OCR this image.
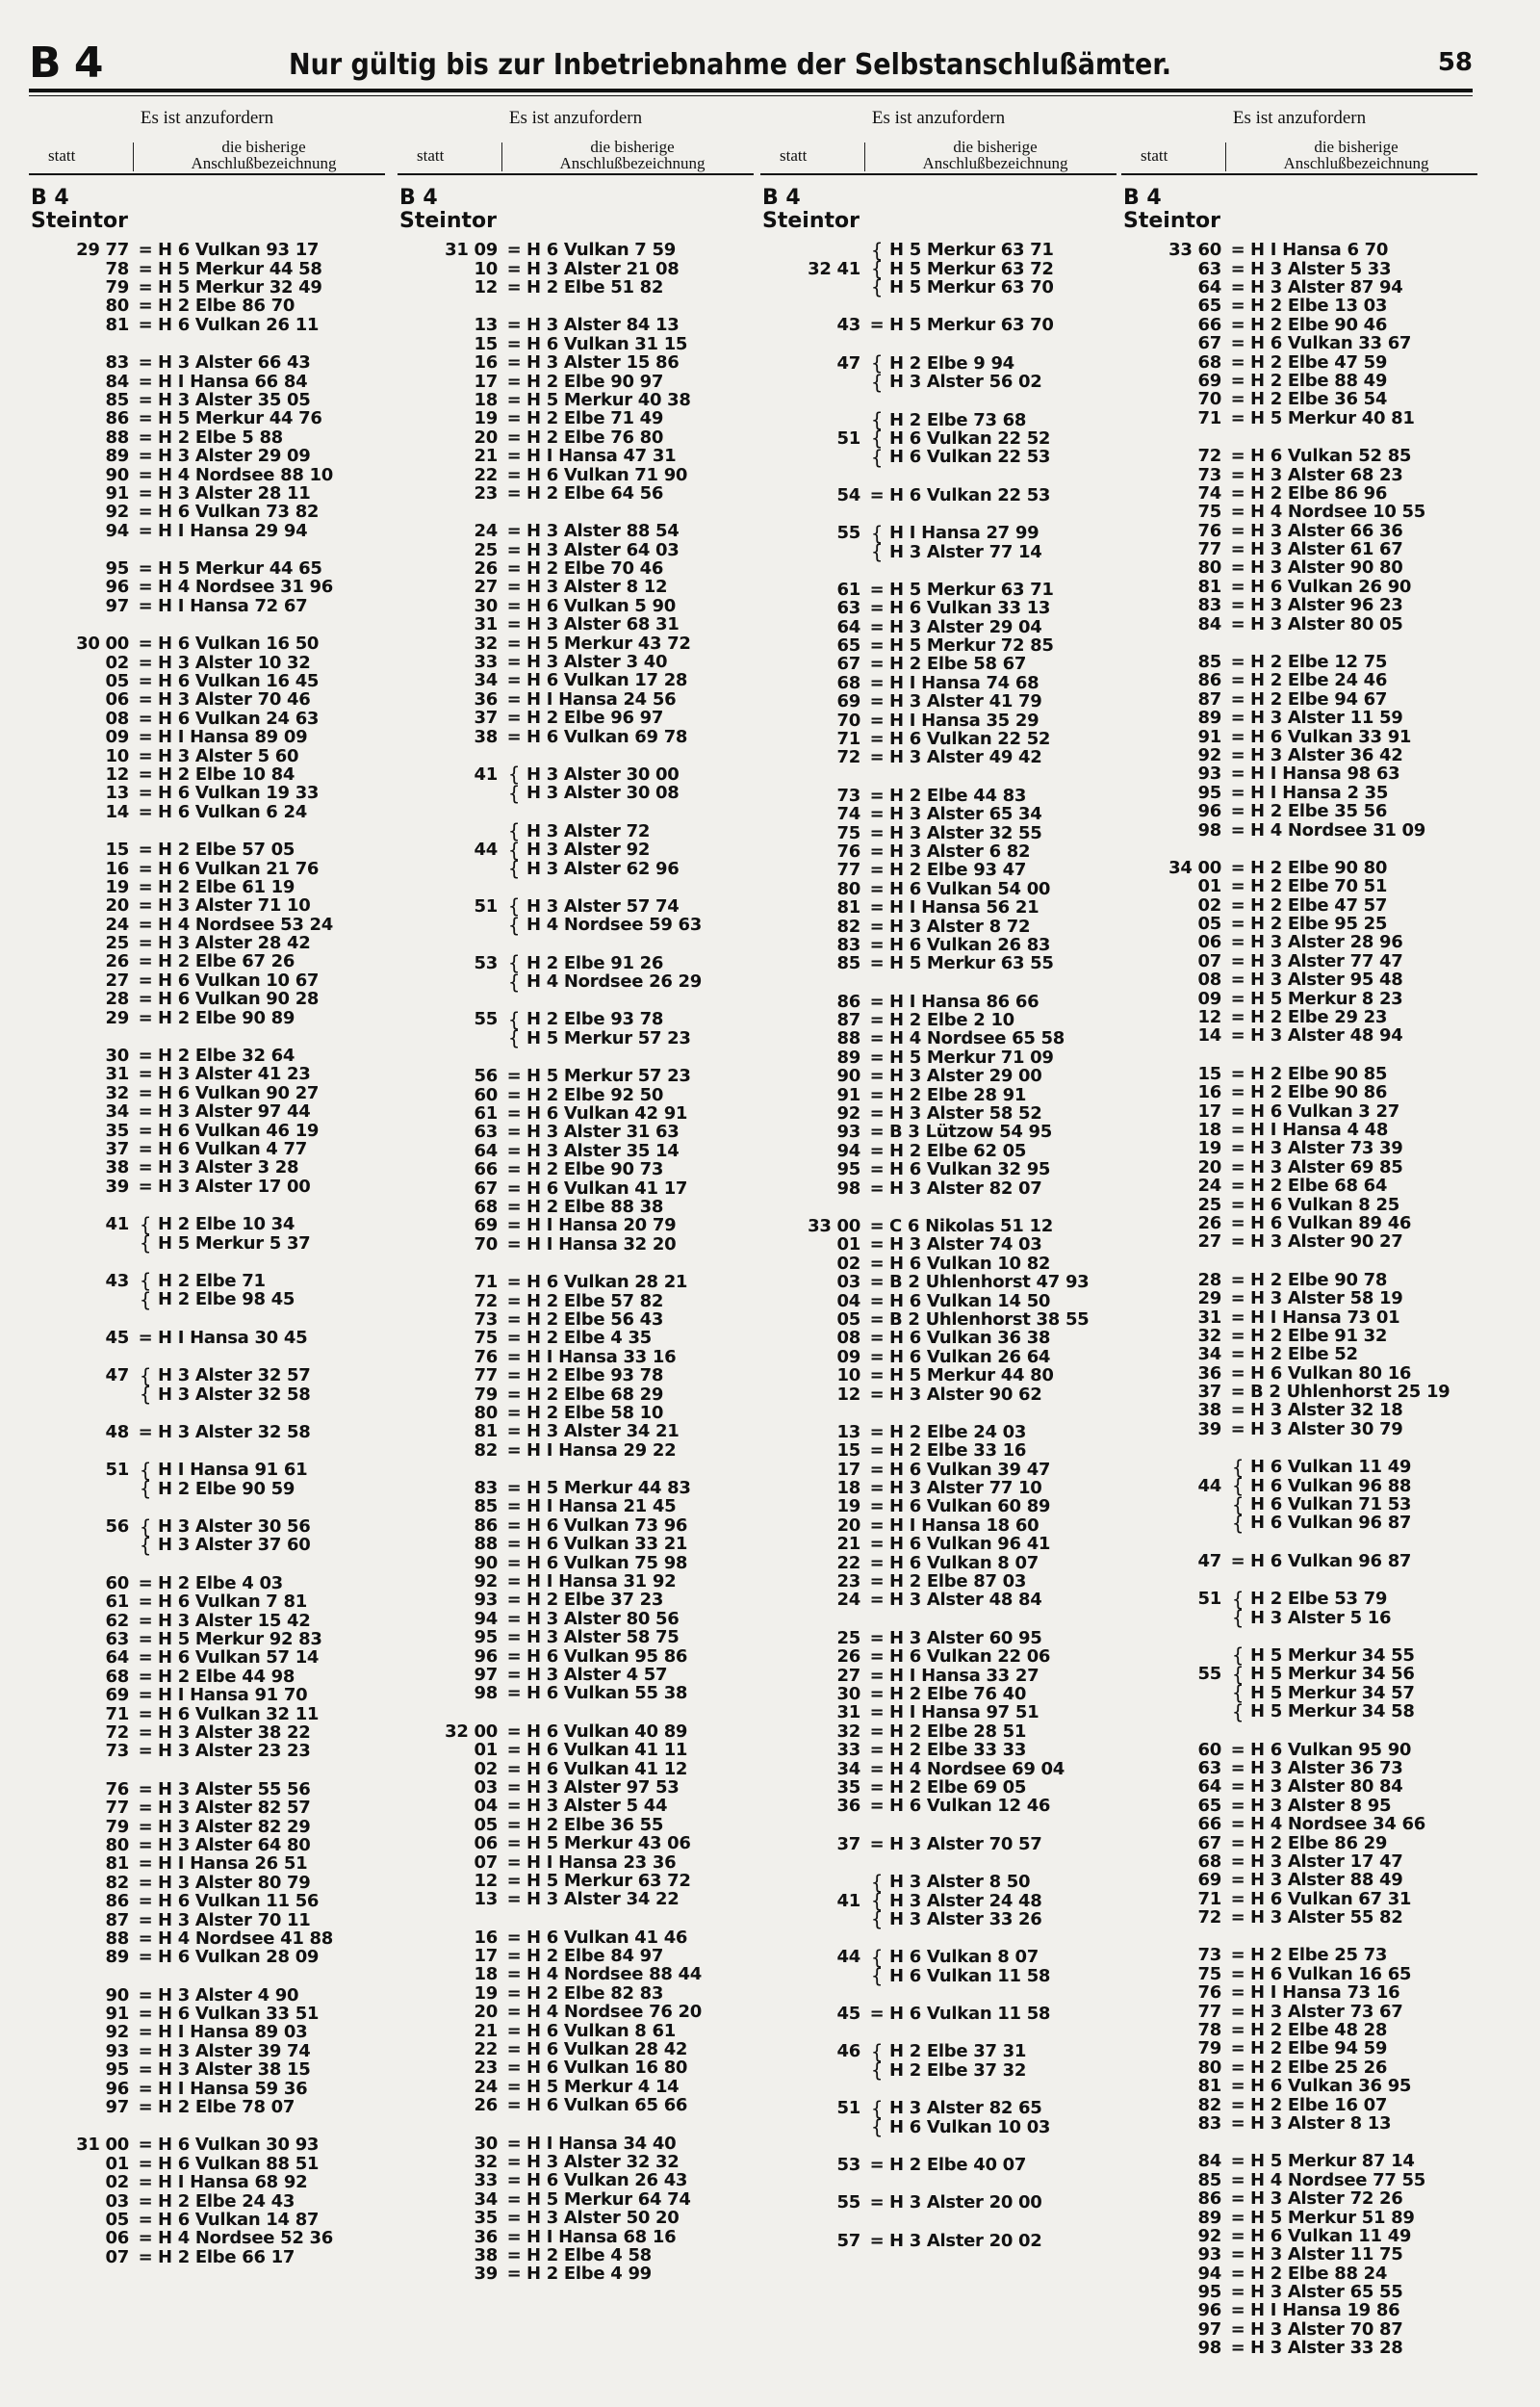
B 4	Nur gültig bis zur Inbetriebnahme der Selbstanschlußämter.	58
Es ist anzufordern
statt	die bisherige
Anschlußbezeichnung
B 4
Steintor
29 77 = H 6 Vulkan 93 17
78 = H 5 Merkur 44 58
79 = H 5 Merkur 32 49
80 = H 2 Elbe 86 70
81 = H 6 Vulkan 26 11
83 = H 3 Alster 66 43
84 = H I Hansa 66 84
85 = H 3 Alster 35 05
86 = H 5 Merkur 44 76
88 = H 2 Elbe 5 88
89 = H 3 Alster 29 09
90 = H 4 Nordsee 88 10
91 = H 3 Alster 28 11
92 = H 6 Vulkan 73 82
94 = H I Hansa 29 94
95 = H 5 Merkur 44 65
96 = H 4 Nordsee 31 96
97 = H I Hansa 72 67
30 00 = H 6 Vulkan 16 50
02 = H 3 Alster 10 32
05 = H 6 Vulkan 16 45
06 = H 3 Alster 70 46
08 = H 6 Vulkan 24 63
09 = H I Hansa 89 09
10 = H 3 Alster 5 60
12 = H 2 Elbe 10 84
13 = H 6 Vulkan 19 33
14 = H 6 Vulkan 6 24
15 = H 2 Elbe 57 05
16 = H 6 Vulkan 21 76
19 = H 2 Elbe 61 19
20 = H 3 Alster 71 10
24 = H 4 Nordsee 53 24
25 = H 3 Alster 28 42
26 = H 2 Elbe 67 26
27 = H 6 Vulkan 10 67
28 = H 6 Vulkan 90 28
29 = H 2 Elbe 90 89
30 = H 2 Elbe 32 64
31 = H 3 Alster 41 23
32 = H 6 Vulkan 90 27
34 = H 3 Alster 97 44
35 = H 6 Vulkan 46 19
37 = H 6 Vulkan 4 77
38 = H 3 Alster 3 28
39 = H 3 Alster 17 00
41 { H 2 Elbe 10 34
{ H 5 Merkur 5 37
43 { H 2 Elbe 71
{ H 2 Elbe 98 45
45 = H I Hansa 30 45
47 { H 3 Alster 32 57
{ H 3 Alster 32 58
48 = H 3 Alster 32 58
51 { H I Hansa 91 61
{ H 2 Elbe 90 59
56 { H 3 Alster 30 56
{ H 3 Alster 37 60
60 = H 2 Elbe 4 03
61 = H 6 Vulkan 7 81
62 = H 3 Alster 15 42
63 = H 5 Merkur 92 83
64 = H 6 Vulkan 57 14
68 = H 2 Elbe 44 98
69 = H I Hansa 91 70
71 = H 6 Vulkan 32 11
72 = H 3 Alster 38 22
73 = H 3 Alster 23 23
76 = H 3 Alster 55 56
77 = H 3 Alster 82 57
79 = H 3 Alster 82 29
80 = H 3 Alster 64 80
81 = H I Hansa 26 51
82 = H 3 Alster 80 79
86 = H 6 Vulkan 11 56
87 = H 3 Alster 70 11
88 = H 4 Nordsee 41 88
89 = H 6 Vulkan 28 09
90 = H 3 Alster 4 90
91 = H 6 Vulkan 33 51
92 = H I Hansa 89 03
93 = H 3 Alster 39 74
95 = H 3 Alster 38 15
96 = H I Hansa 59 36
97 = H 2 Elbe 78 07
31 00 = H 6 Vulkan 30 93
01 = H 6 Vulkan 88 51
02 = H I Hansa 68 92
03 = H 2 Elbe 24 43
05 = H 6 Vulkan 14 87
06 = H 4 Nordsee 52 36
07 = H 2 Elbe 66 17
Es ist anzufordern
statt	die bisherige
Anschlußbezeichnung
B 4
Steintor
31 09 = H 6 Vulkan 7 59
10 = H 3 Alster 21 08
12 = H 2 Elbe 51 82
13 = H 3 Alster 84 13
15 = H 6 Vulkan 31 15
16 = H 3 Alster 15 86
17 = H 2 Elbe 90 97
18 = H 5 Merkur 40 38
19 = H 2 Elbe 71 49
20 = H 2 Elbe 76 80
21 = H I Hansa 47 31
22 = H 6 Vulkan 71 90
23 = H 2 Elbe 64 56
24 = H 3 Alster 88 54
25 = H 3 Alster 64 03
26 = H 2 Elbe 70 46
27 = H 3 Alster 8 12
30 = H 6 Vulkan 5 90
31 = H 3 Alster 68 31
32 = H 5 Merkur 43 72
33 = H 3 Alster 3 40
34 = H 6 Vulkan 17 28
36 = H I Hansa 24 56
37 = H 2 Elbe 96 97
38 = H 6 Vulkan 69 78
41 { H 3 Alster 30 00
{ H 3 Alster 30 08
{ H 3 Alster 72
44 { H 3 Alster 92
{ H 3 Alster 62 96
51 { H 3 Alster 57 74
{ H 4 Nordsee 59 63
53 { H 2 Elbe 91 26
{ H 4 Nordsee 26 29
55 { H 2 Elbe 93 78
{ H 5 Merkur 57 23
56 = H 5 Merkur 57 23
60 = H 2 Elbe 92 50
61 = H 6 Vulkan 42 91
63 = H 3 Alster 31 63
64 = H 3 Alster 35 14
66 = H 2 Elbe 90 73
67 = H 6 Vulkan 41 17
68 = H 2 Elbe 88 38
69 = H I Hansa 20 79
70 = H I Hansa 32 20
71 = H 6 Vulkan 28 21
72 = H 2 Elbe 57 82
73 = H 2 Elbe 56 43
75 = H 2 Elbe 4 35
76 = H I Hansa 33 16
77 = H 2 Elbe 93 78
79 = H 2 Elbe 68 29
80 = H 2 Elbe 58 10
81 = H 3 Alster 34 21
82 = H I Hansa 29 22
83 = H 5 Merkur 44 83
85 = H I Hansa 21 45
86 = H 6 Vulkan 73 96
88 = H 6 Vulkan 33 21
90 = H 6 Vulkan 75 98
92 = H I Hansa 31 92
93 = H 2 Elbe 37 23
94 = H 3 Alster 80 56
95 = H 3 Alster 58 75
96 = H 6 Vulkan 95 86
97 = H 3 Alster 4 57
98 = H 6 Vulkan 55 38
32 00 = H 6 Vulkan 40 89
01 = H 6 Vulkan 41 11
02 = H 6 Vulkan 41 12
03 = H 3 Alster 97 53
04 = H 3 Alster 5 44
05 = H 2 Elbe 36 55
06 = H 5 Merkur 43 06
07 = H I Hansa 23 36
12 = H 5 Merkur 63 72
13 = H 3 Alster 34 22
16 = H 6 Vulkan 41 46
17 = H 2 Elbe 84 97
18 = H 4 Nordsee 88 44
19 = H 2 Elbe 82 83
20 = H 4 Nordsee 76 20
21 = H 6 Vulkan 8 61
22 = H 6 Vulkan 28 42
23 = H 6 Vulkan 16 80
24 = H 5 Merkur 4 14
26 = H 6 Vulkan 65 66
30 = H I Hansa 34 40
32 = H 3 Alster 32 32
33 = H 6 Vulkan 26 43
34 = H 5 Merkur 64 74
35 = H 3 Alster 50 20
36 = H I Hansa 68 16
38 = H 2 Elbe 4 58
39 = H 2 Elbe 4 99
Es ist anzufordern
statt	die bisherige
Anschlußbezeichnung
B 4
Steintor
{ H 5 Merkur 63 71
32 41 { H 5 Merkur 63 72
{ H 5 Merkur 63 70
43 = H 5 Merkur 63 70
47 { H 2 Elbe 9 94
{ H 3 Alster 56 02
{ H 2 Elbe 73 68
51 { H 6 Vulkan 22 52
{ H 6 Vulkan 22 53
54 = H 6 Vulkan 22 53
55 { H I Hansa 27 99
{ H 3 Alster 77 14
61 = H 5 Merkur 63 71
63 = H 6 Vulkan 33 13
64 = H 3 Alster 29 04
65 = H 5 Merkur 72 85
67 = H 2 Elbe 58 67
68 = H I Hansa 74 68
69 = H 3 Alster 41 79
70 = H I Hansa 35 29
71 = H 6 Vulkan 22 52
72 = H 3 Alster 49 42
73 = H 2 Elbe 44 83
74 = H 3 Alster 65 34
75 = H 3 Alster 32 55
76 = H 3 Alster 6 82
77 = H 2 Elbe 93 47
80 = H 6 Vulkan 54 00
81 = H I Hansa 56 21
82 = H 3 Alster 8 72
83 = H 6 Vulkan 26 83
85 = H 5 Merkur 63 55
86 = H I Hansa 86 66
87 = H 2 Elbe 2 10
88 = H 4 Nordsee 65 58
89 = H 5 Merkur 71 09
90 = H 3 Alster 29 00
91 = H 2 Elbe 28 91
92 = H 3 Alster 58 52
93 = B 3 Lützow 54 95
94 = H 2 Elbe 62 05
95 = H 6 Vulkan 32 95
98 = H 3 Alster 82 07
33 00 = C 6 Nikolas 51 12
01 = H 3 Alster 74 03
02 = H 6 Vulkan 10 82
03 = B 2 Uhlenhorst 47 93
04 = H 6 Vulkan 14 50
05 = B 2 Uhlenhorst 38 55
08 = H 6 Vulkan 36 38
09 = H 6 Vulkan 26 64
10 = H 5 Merkur 44 80
12 = H 3 Alster 90 62
13 = H 2 Elbe 24 03
15 = H 2 Elbe 33 16
17 = H 6 Vulkan 39 47
18 = H 3 Alster 77 10
19 = H 6 Vulkan 60 89
20 = H I Hansa 18 60
21 = H 6 Vulkan 96 41
22 = H 6 Vulkan 8 07
23 = H 2 Elbe 87 03
24 = H 3 Alster 48 84
25 = H 3 Alster 60 95
26 = H 6 Vulkan 22 06
27 = H I Hansa 33 27
30 = H 2 Elbe 76 40
31 = H I Hansa 97 51
32 = H 2 Elbe 28 51
33 = H 2 Elbe 33 33
34 = H 4 Nordsee 69 04
35 = H 2 Elbe 69 05
36 = H 6 Vulkan 12 46
37 = H 3 Alster 70 57
{ H 3 Alster 8 50
41 { H 3 Alster 24 48
{ H 3 Alster 33 26
44 { H 6 Vulkan 8 07
{ H 6 Vulkan 11 58
45 = H 6 Vulkan 11 58
46 { H 2 Elbe 37 31
{ H 2 Elbe 37 32
51 { H 3 Alster 82 65
{ H 6 Vulkan 10 03
53 = H 2 Elbe 40 07
55 = H 3 Alster 20 00
57 = H 3 Alster 20 02
Es ist anzufordern
statt	die bisherige
Anschlußbezeichnung
B 4
Steintor
33 60 = H I Hansa 6 70
63 = H 3 Alster 5 33
64 = H 3 Alster 87 94
65 = H 2 Elbe 13 03
66 = H 2 Elbe 90 46
67 = H 6 Vulkan 33 67
68 = H 2 Elbe 47 59
69 = H 2 Elbe 88 49
70 = H 2 Elbe 36 54
71 = H 5 Merkur 40 81
72 = H 6 Vulkan 52 85
73 = H 3 Alster 68 23
74 = H 2 Elbe 86 96
75 = H 4 Nordsee 10 55
76 = H 3 Alster 66 36
77 = H 3 Alster 61 67
80 = H 3 Alster 90 80
81 = H 6 Vulkan 26 90
83 = H 3 Alster 96 23
84 = H 3 Alster 80 05
85 = H 2 Elbe 12 75
86 = H 2 Elbe 24 46
87 = H 2 Elbe 94 67
89 = H 3 Alster 11 59
91 = H 6 Vulkan 33 91
92 = H 3 Alster 36 42
93 = H I Hansa 98 63
95 = H I Hansa 2 35
96 = H 2 Elbe 35 56
98 = H 4 Nordsee 31 09
34 00 = H 2 Elbe 90 80
01 = H 2 Elbe 70 51
02 = H 2 Elbe 47 57
05 = H 2 Elbe 95 25
06 = H 3 Alster 28 96
07 = H 3 Alster 77 47
08 = H 3 Alster 95 48
09 = H 5 Merkur 8 23
12 = H 2 Elbe 29 23
14 = H 3 Alster 48 94
15 = H 2 Elbe 90 85
16 = H 2 Elbe 90 86
17 = H 6 Vulkan 3 27
18 = H I Hansa 4 48
19 = H 3 Alster 73 39
20 = H 3 Alster 69 85
24 = H 2 Elbe 68 64
25 = H 6 Vulkan 8 25
26 = H 6 Vulkan 89 46
27 = H 3 Alster 90 27
28 = H 2 Elbe 90 78
29 = H 3 Alster 58 19
31 = H I Hansa 73 01
32 = H 2 Elbe 91 32
34 = H 2 Elbe 52
36 = H 6 Vulkan 80 16
37 = B 2 Uhlenhorst 25 19
38 = H 3 Alster 32 18
39 = H 3 Alster 30 79
{ H 6 Vulkan 11 49
44 { H 6 Vulkan 96 88
{ H 6 Vulkan 71 53
{ H 6 Vulkan 96 87
47 = H 6 Vulkan 96 87
51 { H 2 Elbe 53 79
{ H 3 Alster 5 16
{ H 5 Merkur 34 55
55 { H 5 Merkur 34 56
{ H 5 Merkur 34 57
{ H 5 Merkur 34 58
60 = H 6 Vulkan 95 90
63 = H 3 Alster 36 73
64 = H 3 Alster 80 84
65 = H 3 Alster 8 95
66 = H 4 Nordsee 34 66
67 = H 2 Elbe 86 29
68 = H 3 Alster 17 47
69 = H 3 Alster 88 49
71 = H 6 Vulkan 67 31
72 = H 3 Alster 55 82
73 = H 2 Elbe 25 73
75 = H 6 Vulkan 16 65
76 = H I Hansa 73 16
77 = H 3 Alster 73 67
78 = H 2 Elbe 48 28
79 = H 2 Elbe 94 59
80 = H 2 Elbe 25 26
81 = H 6 Vulkan 36 95
82 = H 2 Elbe 16 07
83 = H 3 Alster 8 13
84 = H 5 Merkur 87 14
85 = H 4 Nordsee 77 55
86 = H 3 Alster 72 26
89 = H 5 Merkur 51 89
92 = H 6 Vulkan 11 49
93 = H 3 Alster 11 75
94 = H 2 Elbe 88 24
95 = H 3 Alster 65 55
96 = H I Hansa 19 86
97 = H 3 Alster 70 87
98 = H 3 Alster 33 28
